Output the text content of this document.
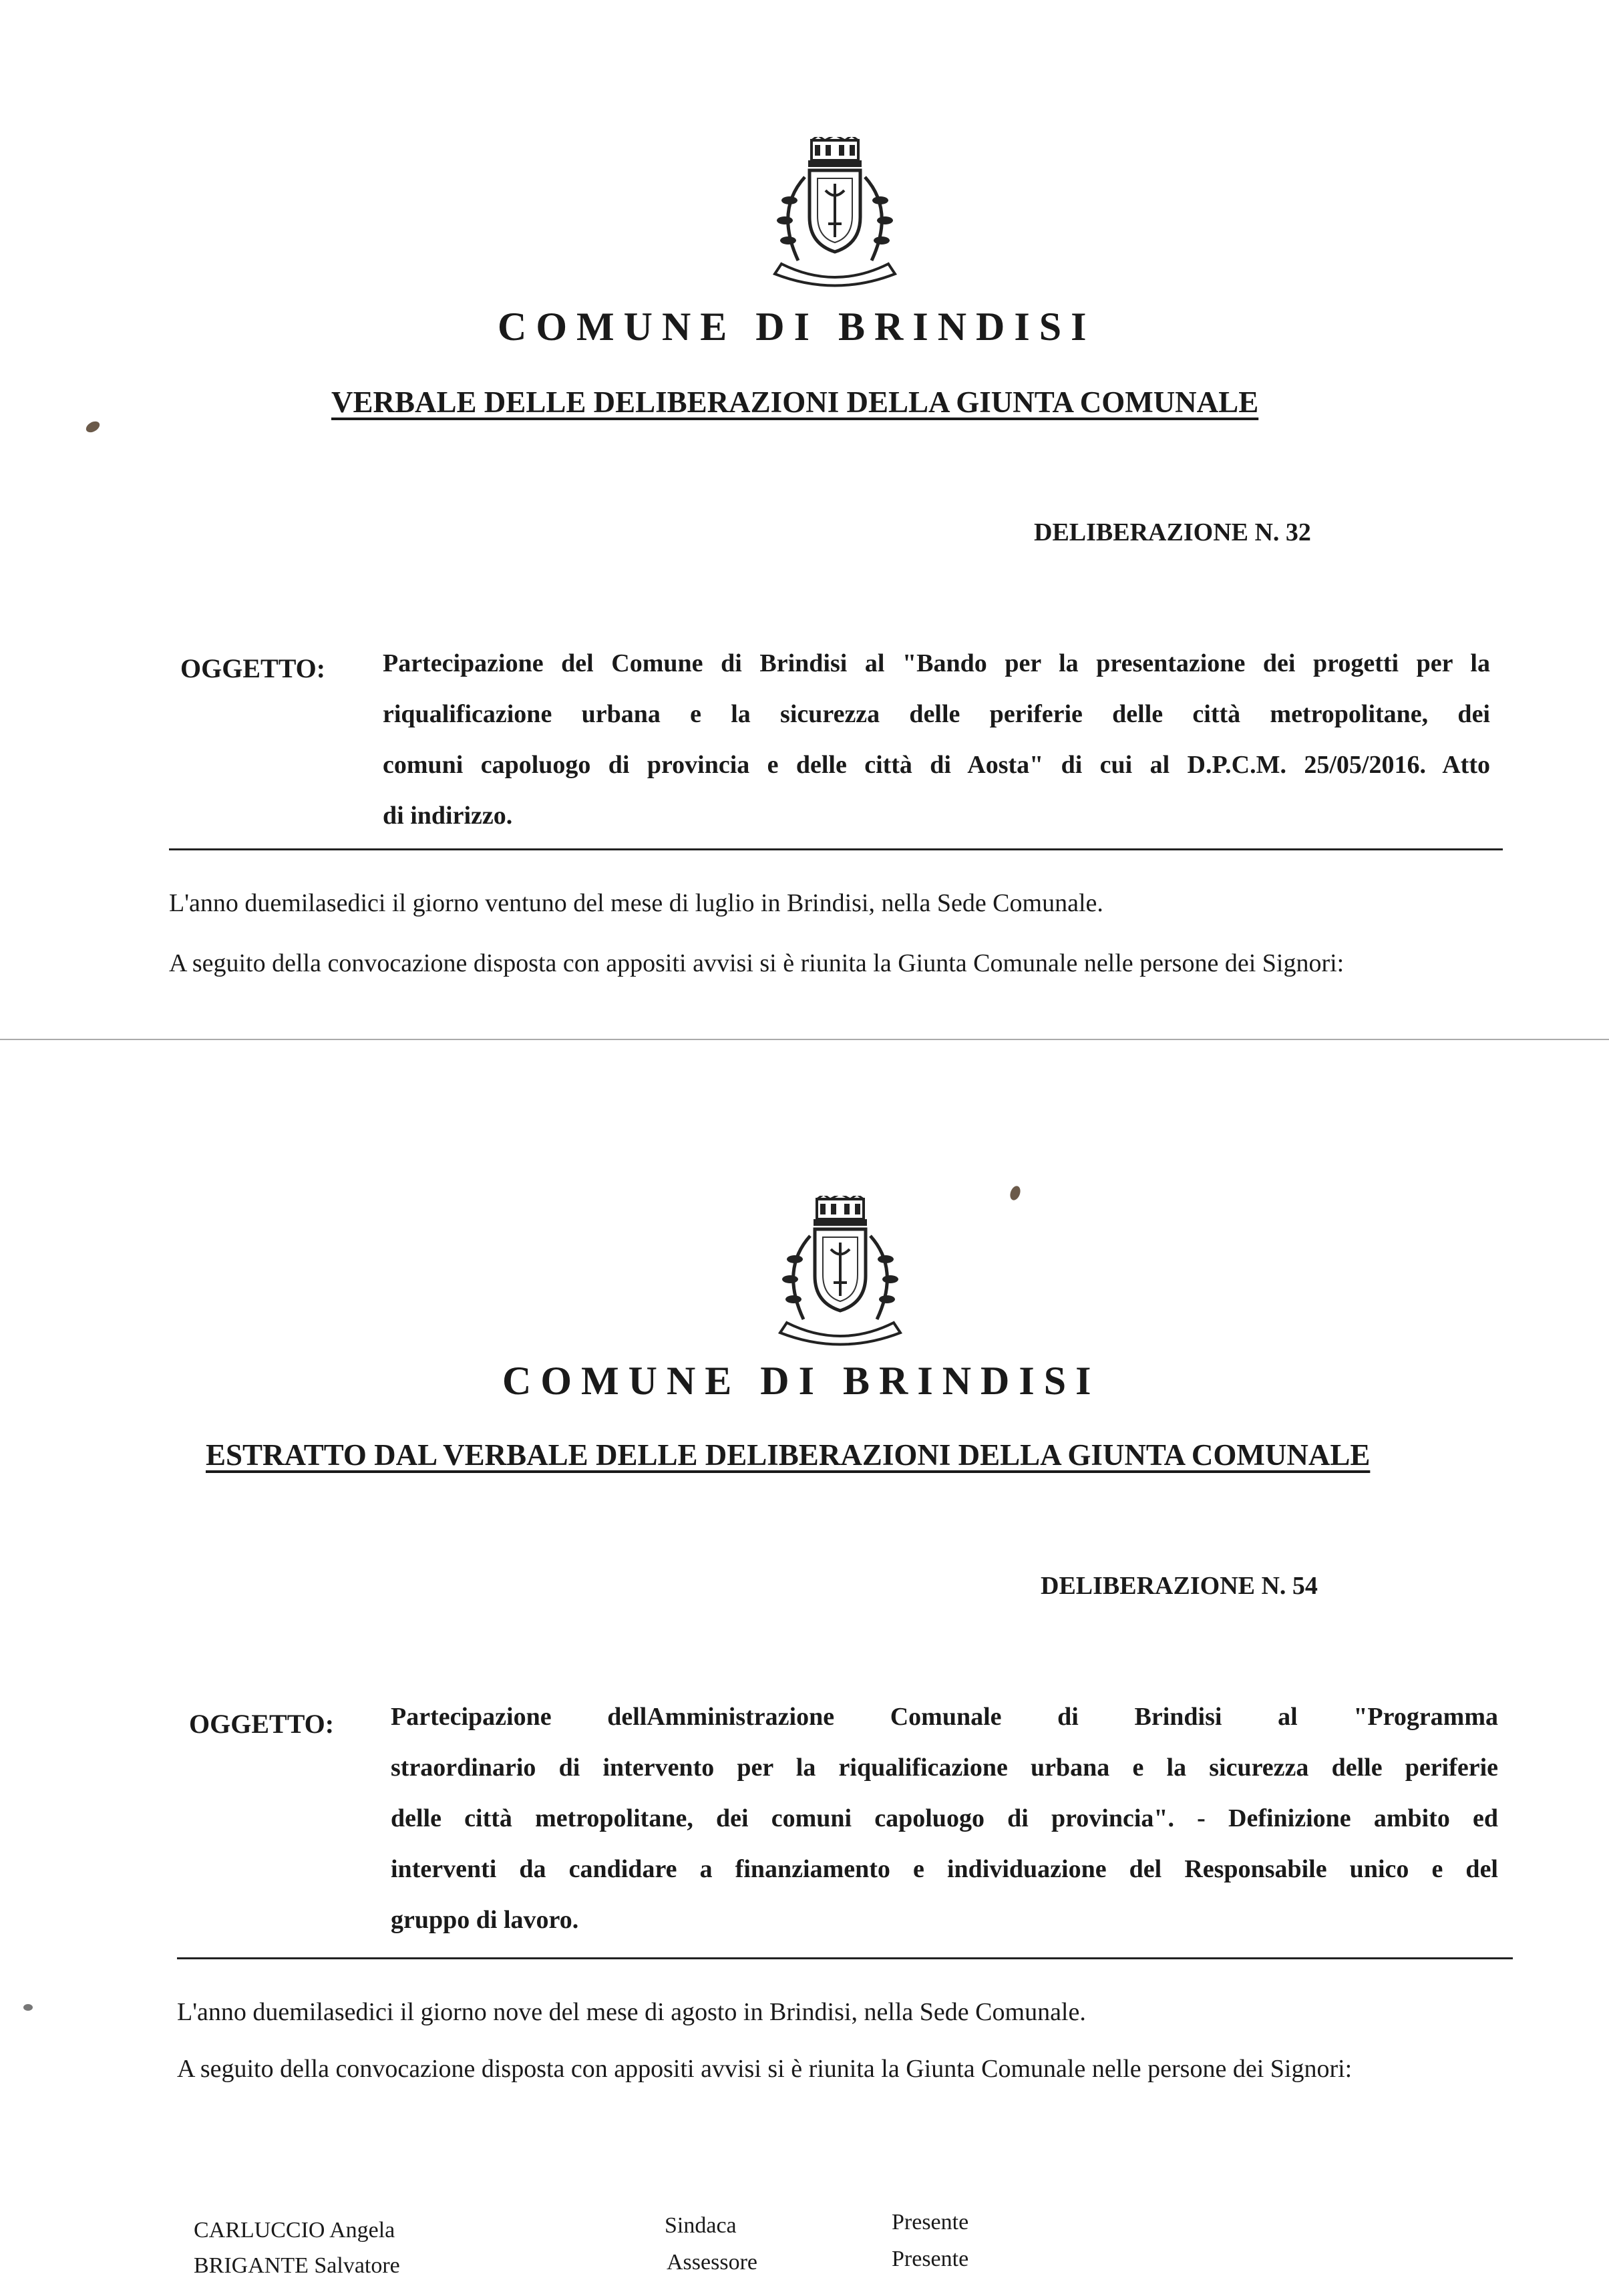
COMUNE DI BRINDISI
VERBALE DELLE DELIBERAZIONI DELLA GIUNTA COMUNALE
DELIBERAZIONE N. 32
OGGETTO: Partecipazione del Comune di Brindisi al "Bando per la presentazione dei progetti per la
riqualificazione urbana e la sicurezza delle periferie delle città metropolitane, dei
comuni capoluogo di provincia e delle città di Aosta" di cui al D.P.C.M. 25/05/2016. Atto
di indirizzo.
L'anno duemilasedici il giorno ventuno del mese di luglio in Brindisi, nella Sede Comunale.
A seguito della convocazione disposta con appositi avvisi si è riunita la Giunta Comunale nelle persone dei Signori:
COMUNE DI BRINDISI
ESTRATTO DAL VERBALE DELLE DELIBERAZIONI DELLA GIUNTA COMUNALE
DELIBERAZIONE N. 54
OGGETTO: Partecipazione dellAmministrazione Comunale di Brindisi al "Programma
straordinario di intervento per la riqualificazione urbana e la sicurezza delle periferie
delle città metropolitane, dei comuni capoluogo di provincia". - Definizione ambito ed
interventi da candidare a finanziamento e individuazione del Responsabile unico e del
gruppo di lavoro.
L'anno duemilasedici il giorno nove del mese di agosto in Brindisi, nella Sede Comunale.
A seguito della convocazione disposta con appositi avvisi si è riunita la Giunta Comunale nelle persone dei Signori:
CARLUCCIO Angela	Sindaca	Presente
BRIGANTE Salvatore	Assessore	Presente
